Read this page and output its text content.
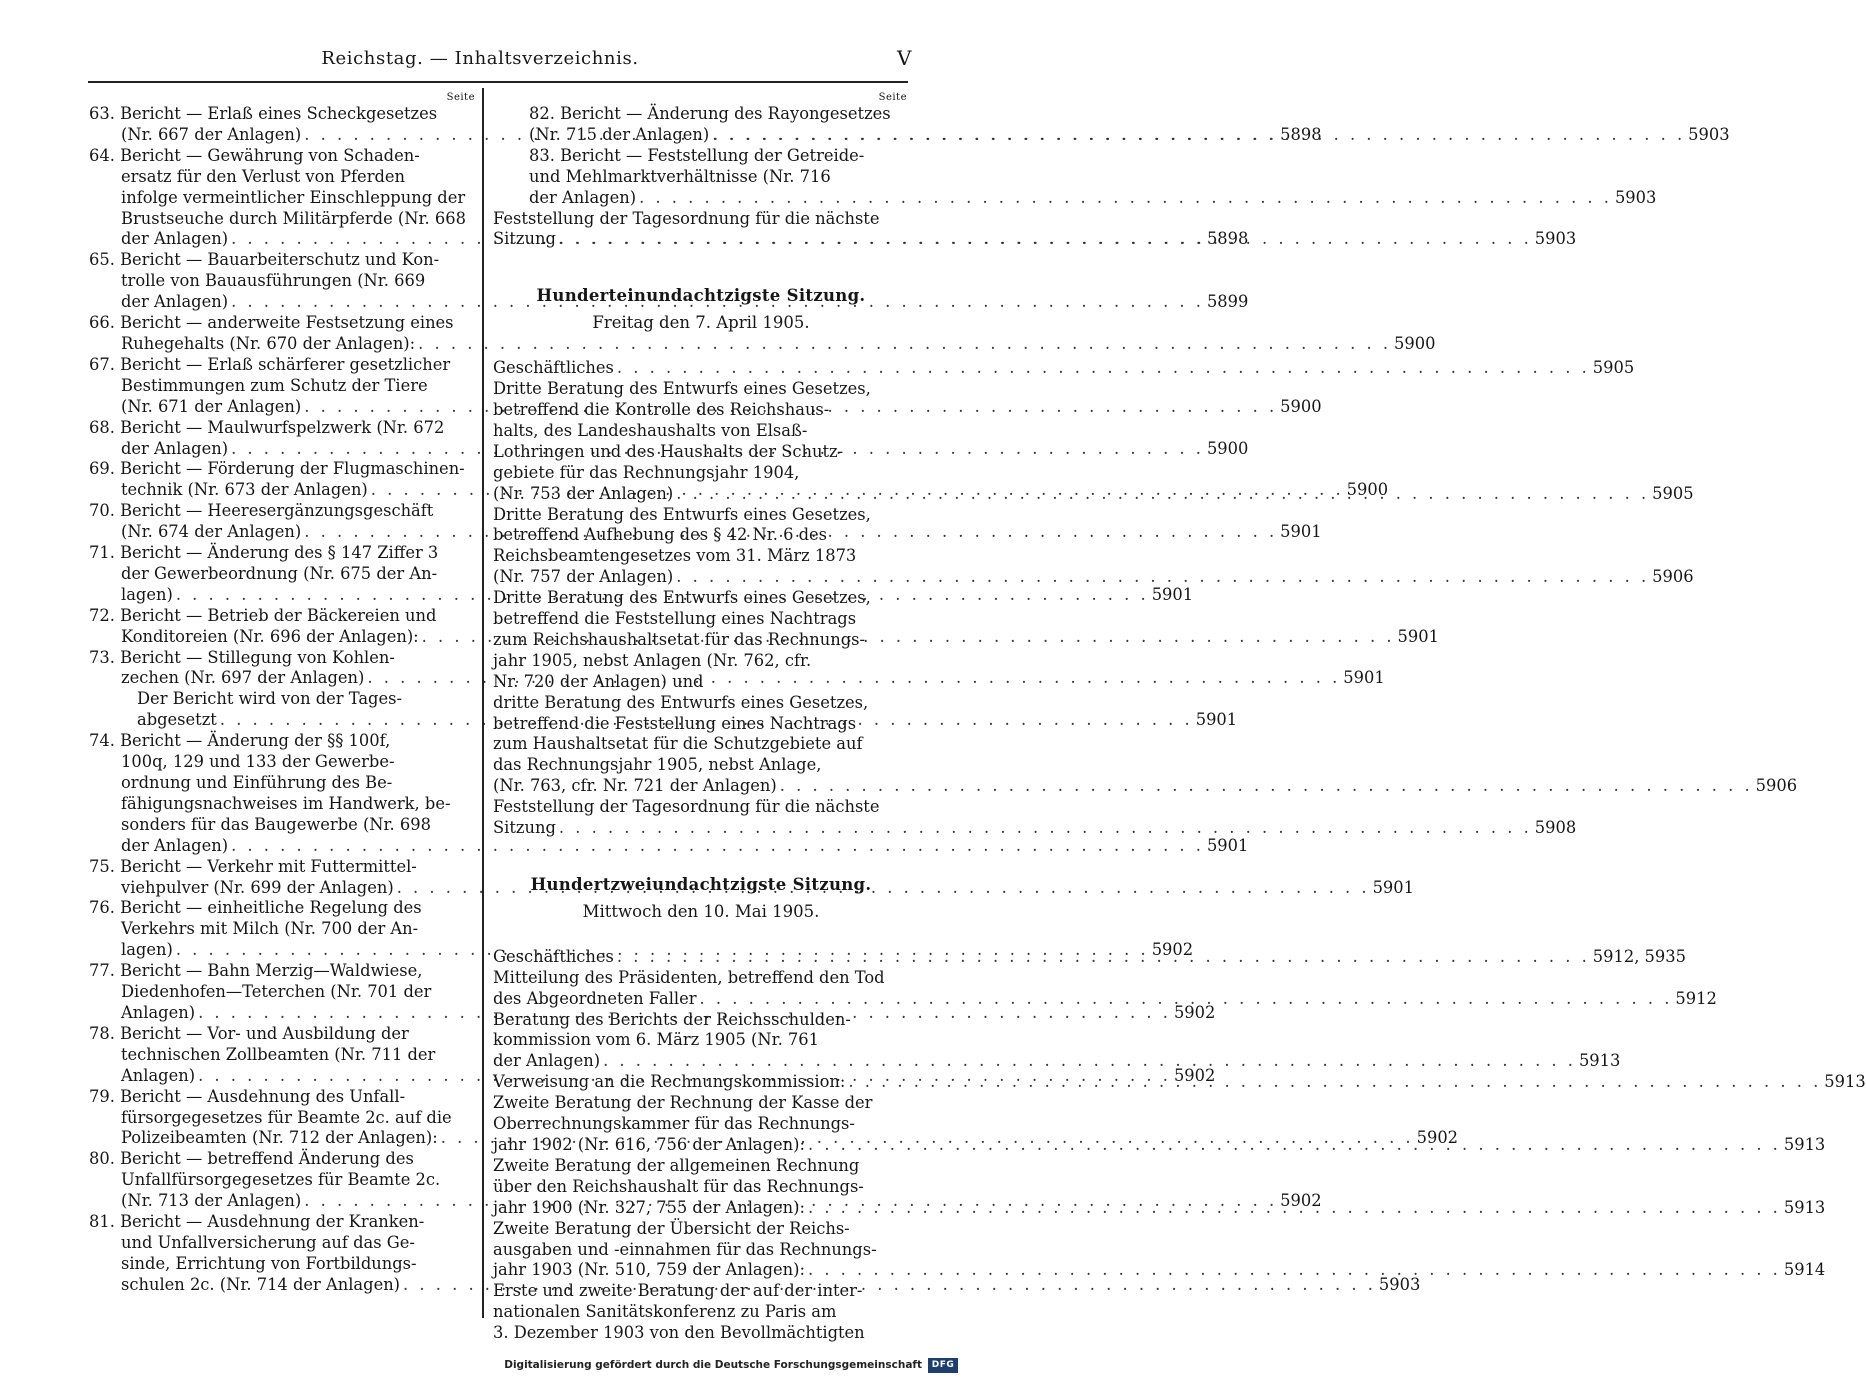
Reichstag. — Inhaltsverzeichnis.	V
Seite
63. Bericht — Erlaß eines Scheckgesetzes
(Nr. 667 der Anlagen) . . .	5898
64. Bericht — Gewährung von Schaden-
ersatz für den Verlust von Pferden
infolge vermeintlicher Einschleppung der
Brustseuche durch Militärpferde (Nr. 668
der Anlagen) . . .	5898
65. Bericht — Bauarbeiterschutz und Kon-
trolle von Bauausführungen (Nr. 669
der Anlagen) . . .	5899
66. Bericht — anderweite Festsetzung eines
Ruhegehalts (Nr. 670 der Anlagen): . . .	5900
67. Bericht — Erlaß schärferer gesetzlicher
Bestimmungen zum Schutz der Tiere
(Nr. 671 der Anlagen) . . .	5900
68. Bericht — Maulwurfspelzwerk (Nr. 672
der Anlagen) . . .	5900
69. Bericht — Förderung der Flugmaschinen-
technik (Nr. 673 der Anlagen) . . .	5900
70. Bericht — Heeresergänzungsgeschäft
(Nr. 674 der Anlagen) . . .	5901
71. Bericht — Änderung des § 147 Ziffer 3
der Gewerbeordnung (Nr. 675 der An-
lagen) . . .	5901
72. Bericht — Betrieb der Bäckereien und
Konditoreien (Nr. 696 der Anlagen): . . .	5901
73. Bericht — Stillegung von Kohlen-
zechen (Nr. 697 der Anlagen) . . .	5901
Der Bericht wird von der Tages-
abgesetzt . . .	5901
74. Bericht — Änderung der §§ 100f,
100q, 129 und 133 der Gewerbe-
ordnung und Einführung des Be-
fähigungsnachweises im Handwerk, be-
sonders für das Baugewerbe (Nr. 698
der Anlagen) . . .	5901
75. Bericht — Verkehr mit Futtermittel-
viehpulver (Nr. 699 der Anlagen) . . .	5901
76. Bericht — einheitliche Regelung des
Verkehrs mit Milch (Nr. 700 der An-
lagen) . . .	5902
77. Bericht — Bahn Merzig—Waldwiese,
Diedenhofen—Teterchen (Nr. 701 der
Anlagen) . . .	5902
78. Bericht — Vor- und Ausbildung der
technischen Zollbeamten (Nr. 711 der
Anlagen) . . .	5902
79. Bericht — Ausdehnung des Unfall-
fürsorgegesetzes für Beamte 2c. auf die
Polizeibeamten (Nr. 712 der Anlagen): . . .	5902
80. Bericht — betreffend Änderung des
Unfallfürsorgegesetzes für Beamte 2c.
(Nr. 713 der Anlagen) . . .	5902
81. Bericht — Ausdehnung der Kranken-
und Unfallversicherung auf das Ge-
sinde, Errichtung von Fortbildungs-
schulen 2c. (Nr. 714 der Anlagen) . . .	5903
Seite
82. Bericht — Änderung des Rayongesetzes
(Nr. 715 der Anlagen) . . .	5903
83. Bericht — Feststellung der Getreide-
und Mehlmarktverhältnisse (Nr. 716
der Anlagen) . . .	5903
Feststellung der Tagesordnung für die nächste
Sitzung . . .	5903
Hunderteinundachtzigste Sitzung.
Freitag den 7. April 1905.
Geschäftliches . . .	5905
Dritte Beratung des Entwurfs eines Gesetzes,
betreffend die Kontrolle des Reichshaus-
halts, des Landeshaushalts von Elsaß-
Lothringen und des Haushalts der Schutz-
gebiete für das Rechnungsjahr 1904,
(Nr. 753 der Anlagen) . . .	5905
Dritte Beratung des Entwurfs eines Gesetzes,
betreffend Aufhebung des § 42 Nr. 6 des
Reichsbeamtengesetzes vom 31. März 1873
(Nr. 757 der Anlagen) . . .	5906
Dritte Beratung des Entwurfs eines Gesetzes,
betreffend die Feststellung eines Nachtrags
zum Reichshaushaltsetat für das Rechnungs-
jahr 1905, nebst Anlagen (Nr. 762, cfr.
Nr. 720 der Anlagen) und
dritte Beratung des Entwurfs eines Gesetzes,
betreffend die Feststellung eines Nachtrags
zum Haushaltsetat für die Schutzgebiete auf
das Rechnungsjahr 1905, nebst Anlage,
(Nr. 763, cfr. Nr. 721 der Anlagen) . . .	5906
Feststellung der Tagesordnung für die nächste
Sitzung . . .	5908
Hundertzweiundachtzigste Sitzung.
Mittwoch den 10. Mai 1905.
Geschäftliches . . .	5912, 5935
Mitteilung des Präsidenten, betreffend den Tod
des Abgeordneten Faller . . .	5912
Beratung des Berichts der Reichsschulden-
kommission vom 6. März 1905 (Nr. 761
der Anlagen) . . .	5913
Verweisung an die Rechnungskommission: . . .	5913
Zweite Beratung der Rechnung der Kasse der
Oberrechnungskammer für das Rechnungs-
jahr 1902 (Nr. 616, 756 der Anlagen): . . .	5913
Zweite Beratung der allgemeinen Rechnung
über den Reichshaushalt für das Rechnungs-
jahr 1900 (Nr. 327, 755 der Anlagen): . . .	5913
Zweite Beratung der Übersicht der Reichs-
ausgaben und -einnahmen für das Rechnungs-
jahr 1903 (Nr. 510, 759 der Anlagen): . . .	5914
Erste und zweite Beratung der auf der inter-
nationalen Sanitätskonferenz zu Paris am
3. Dezember 1903 von den Bevollmächtigten
Digitalisierung gefördert durch die Deutsche Forschungsgemeinschaft	DFG
